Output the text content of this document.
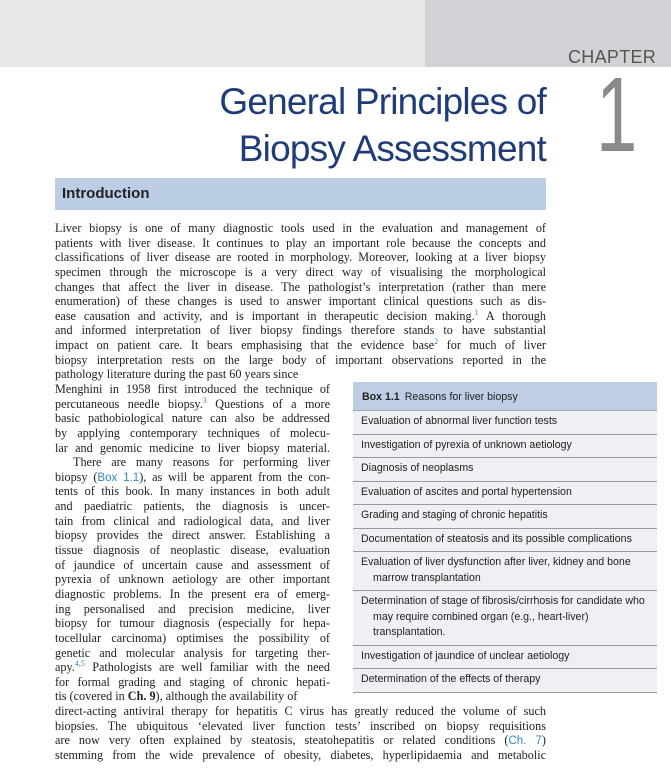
CHAPTER
1
General Principles of
Biopsy Assessment
Introduction
Liver biopsy is one of many diagnostic tools used in the evaluation and management of
patients with liver disease. It continues to play an important role because the concepts and
classifications of liver disease are rooted in morphology. Moreover, looking at a liver biopsy
specimen through the microscope is a very direct way of visualising the morphological
changes that affect the liver in disease. The pathologist’s interpretation (rather than mere
enumeration) of these changes is used to answer important clinical questions such as dis-
ease causation and activity, and is important in therapeutic decision making.$^1$ A thorough
and informed interpretation of liver biopsy findings therefore stands to have substantial
impact on patient care. It bears emphasising that the evidence base$^2$ for much of liver
biopsy interpretation rests on the large body of important observations reported in the
pathology literature during the past 60 years since
Menghini in 1958 first introduced the technique of
percutaneous needle biopsy.$^3$ Questions of a more
basic pathobiological nature can also be addressed
by applying contemporary techniques of molecu-
lar and genomic medicine to liver biopsy material.
There are many reasons for performing liver
biopsy (Box 1.1), as will be apparent from the con-
tents of this book. In many instances in both adult
and paediatric patients, the diagnosis is uncer-
tain from clinical and radiological data, and liver
biopsy provides the direct answer. Establishing a
tissue diagnosis of neoplastic disease, evaluation
of jaundice of uncertain cause and assessment of
pyrexia of unknown aetiology are other important
diagnostic problems. In the present era of emerg-
ing personalised and precision medicine, liver
biopsy for tumour diagnosis (especially for hepa-
tocellular carcinoma) optimises the possibility of
genetic and molecular analysis for targeting ther-
apy.$^{4,5}$ Pathologists are well familiar with the need
for formal grading and staging of chronic hepati-
tis (covered in Ch. 9), although the availability of
direct-acting antiviral therapy for hepatitis C virus has greatly reduced the volume of such
biopsies. The ubiquitous ‘elevated liver function tests’ inscribed on biopsy requisitions
are now very often explained by steatosis, steatohepatitis or related conditions (Ch. 7)
stemming from the wide prevalence of obesity, diabetes, hyperlipidaemia and metabolic
Box 1.1 Reasons for liver biopsy
Evaluation of abnormal liver function tests
Investigation of pyrexia of unknown aetiology
Diagnosis of neoplasms
Evaluation of ascites and portal hypertension
Grading and staging of chronic hepatitis
Documentation of steatosis and its possible complications
Evaluation of liver dysfunction after liver, kidney and bone marrow transplantation
Determination of stage of fibrosis/cirrhosis for candidate who may require combined organ (e.g., heart-liver) transplantation.
Investigation of jaundice of unclear aetiology
Determination of the effects of therapy
